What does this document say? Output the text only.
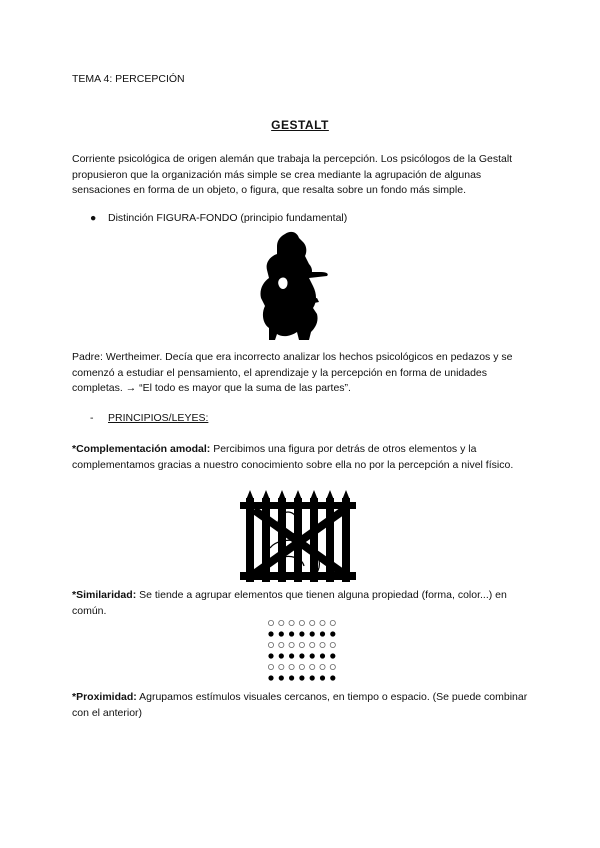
TEMA 4: PERCEPCIÓN
GESTALT
Corriente psicológica de origen alemán que trabaja la percepción. Los psicólogos de la Gestalt propusieron que la organización más simple se crea mediante la agrupación de algunas sensaciones en forma de un objeto, o figura, que resalta sobre un fondo más simple.
● Distinción FIGURA-FONDO (principio fundamental)
Padre: Wertheimer. Decía que era incorrecto analizar los hechos psicológicos en pedazos y se comenzó a estudiar el pensamiento, el aprendizaje y la percepción en forma de unidades completas. → “El todo es mayor que la suma de las partes”.
- PRINCIPIOS/LEYES:
*Complementación amodal: Percibimos una figura por detrás de otros elementos y la complementamos gracias a nuestro conocimiento sobre ella no por la percepción a nivel físico.
*Similaridad: Se tiende a agrupar elementos que tienen alguna propiedad (forma, color...) en común.
*Proximidad: Agrupamos estímulos visuales cercanos, en tiempo o espacio. (Se puede combinar con el anterior)
